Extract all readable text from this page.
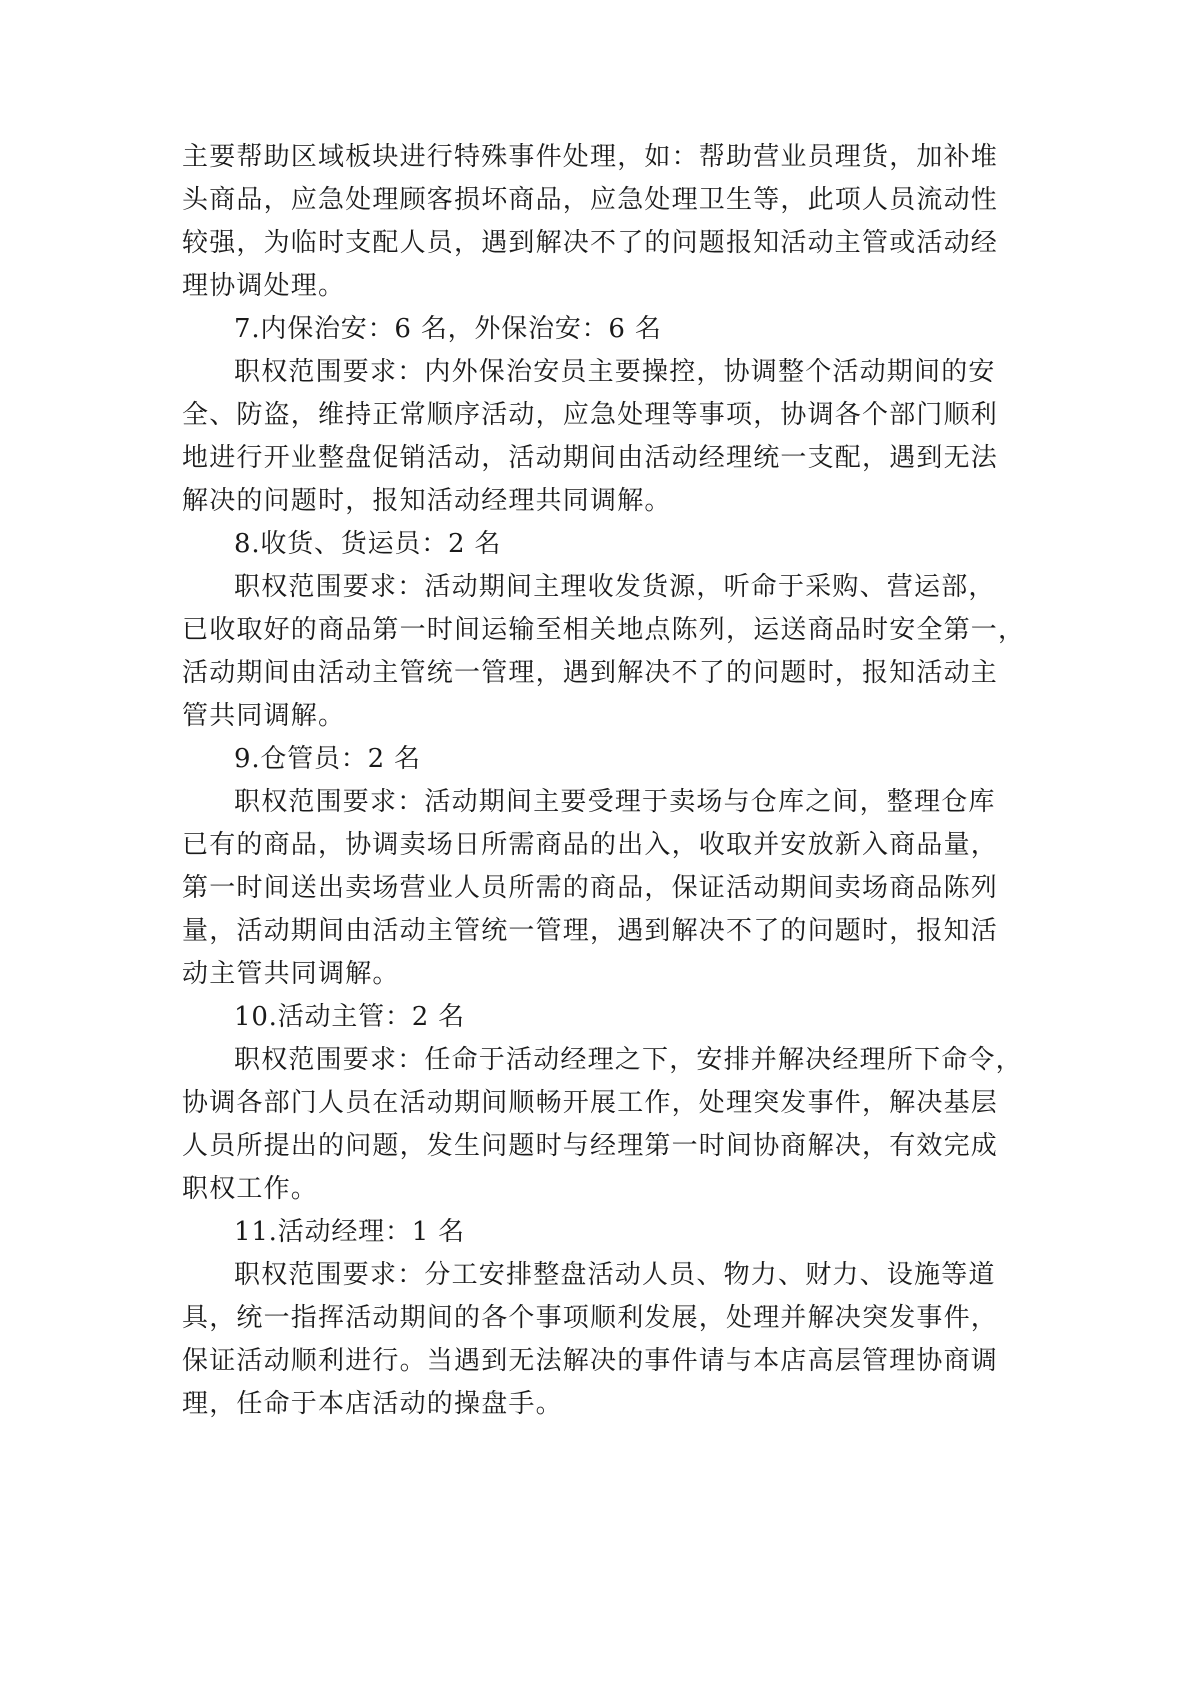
主要帮助区域板块进行特殊事件处理，如：帮助营业员理货，加补堆
头商品，应急处理顾客损坏商品，应急处理卫生等，此项人员流动性
较强，为临时支配人员，遇到解决不了的问题报知活动主管或活动经
理协调处理。
7.内保治安：6 名，外保治安：6 名
职权范围要求：内外保治安员主要操控，协调整个活动期间的安
全、防盗，维持正常顺序活动，应急处理等事项，协调各个部门顺利
地进行开业整盘促销活动，活动期间由活动经理统一支配，遇到无法
解决的问题时，报知活动经理共同调解。
8.收货、货运员：2 名
职权范围要求：活动期间主理收发货源，听命于采购、营运部，
已收取好的商品第一时间运输至相关地点陈列，运送商品时安全第一，
活动期间由活动主管统一管理，遇到解决不了的问题时，报知活动主
管共同调解。
9.仓管员：2 名
职权范围要求：活动期间主要受理于卖场与仓库之间，整理仓库
已有的商品，协调卖场日所需商品的出入，收取并安放新入商品量，
第一时间送出卖场营业人员所需的商品，保证活动期间卖场商品陈列
量，活动期间由活动主管统一管理，遇到解决不了的问题时，报知活
动主管共同调解。
10.活动主管：2 名
职权范围要求：任命于活动经理之下，安排并解决经理所下命令，
协调各部门人员在活动期间顺畅开展工作，处理突发事件，解决基层
人员所提出的问题，发生问题时与经理第一时间协商解决，有效完成
职权工作。
11.活动经理：1 名
职权范围要求：分工安排整盘活动人员、物力、财力、设施等道
具，统一指挥活动期间的各个事项顺利发展，处理并解决突发事件，
保证活动顺利进行。当遇到无法解决的事件请与本店高层管理协商调
理，任命于本店活动的操盘手。
